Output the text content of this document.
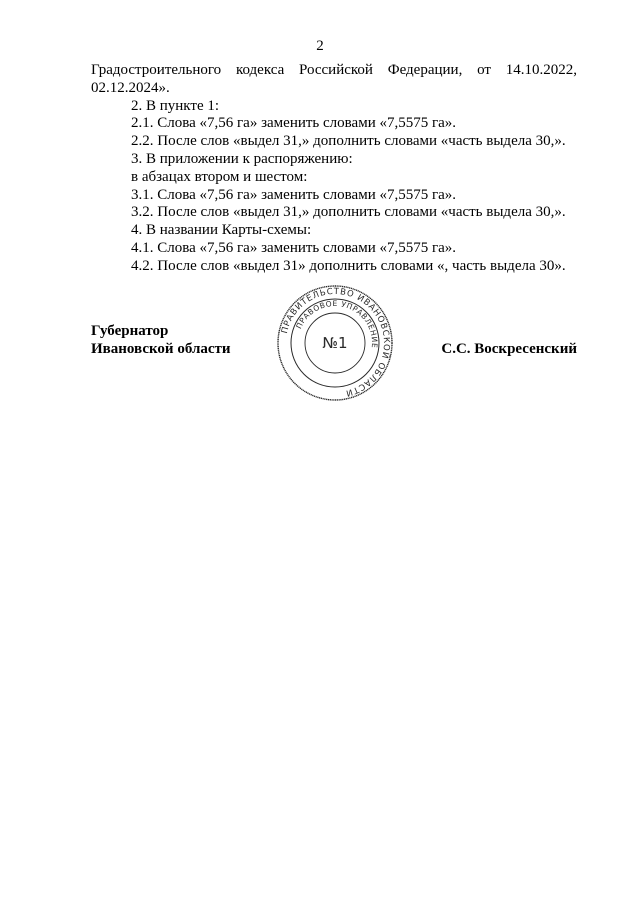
2
Градостроительного кодекса Российской Федерации, от 14.10.2022,
02.12.2024».
2. В пункте 1:
2.1. Слова «7,56 га» заменить словами «7,5575 га».
2.2. После слов «выдел 31,» дополнить словами «часть выдела 30,».
3. В приложении к распоряжению:
в абзацах втором и шестом:
3.1. Слова «7,56 га» заменить словами «7,5575 га».
3.2. После слов «выдел 31,» дополнить словами «часть выдела 30,».
4. В названии Карты-схемы:
4.1. Слова «7,56 га» заменить словами «7,5575 га».
4.2. После слов «выдел 31» дополнить словами «, часть выдела 30».
Губернатор
Ивановской области	С.С. Воскресенский
ПРАВИТЕЛЬСТВО ИВАНОВСКОЙ ОБЛАСТИ
ПРАВОВОЕ УПРАВЛЕНИЕ
№1
